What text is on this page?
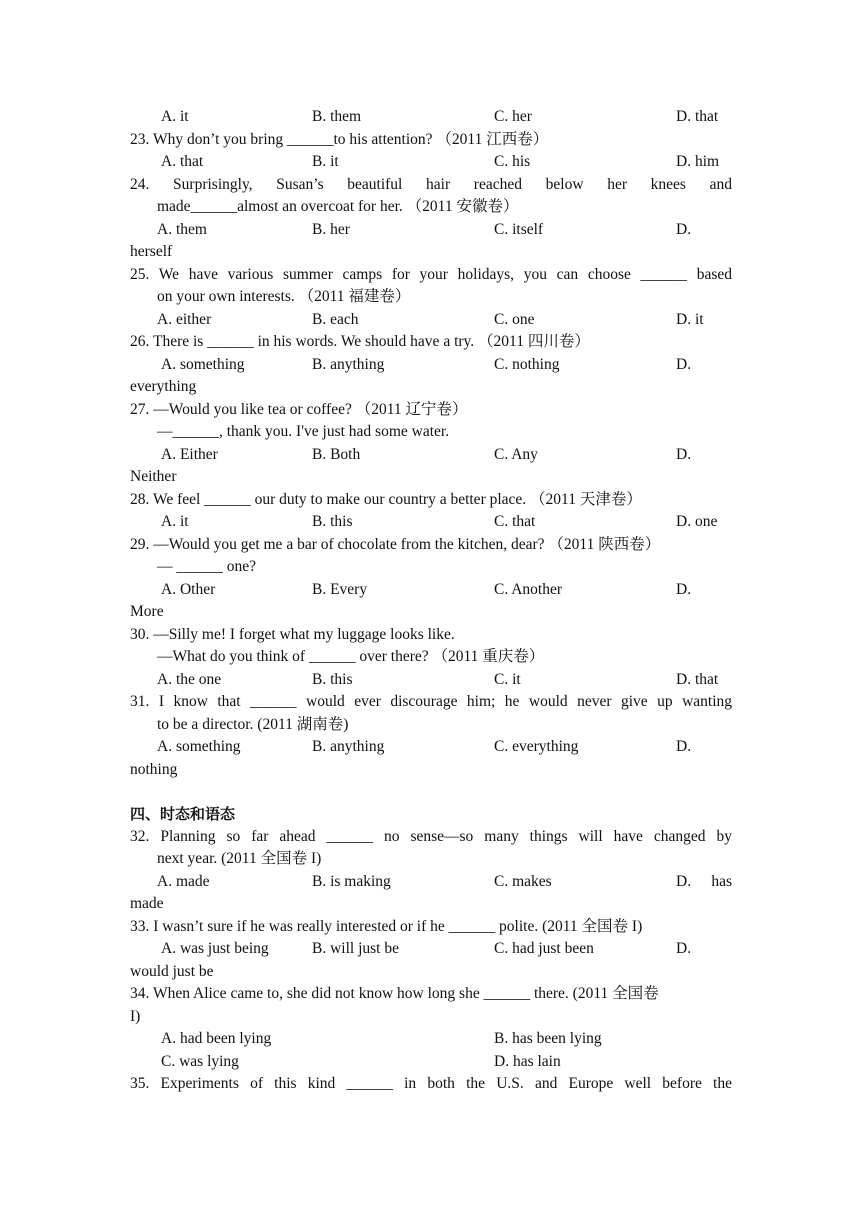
A. it	B. them	C. her	D. that
23. Why don’t you bring ______to his attention? （2011 江西卷）
A. that	B. it	C. his	D. him
24. Surprisingly, Susan’s beautiful hair reached below her knees and
made______almost an overcoat for her. （2011 安徽卷）
A. them	B. her	C. itself	D.
herself
25. We have various summer camps for your holidays, you can choose ______ based
on your own interests. （2011 福建卷）
A. either	B. each	C. one	D. it
26. There is ______ in his words. We should have a try. （2011 四川卷）
A. something	B. anything	C. nothing	D.
everything
27. —Would you like tea or coffee? （2011 辽宁卷）
—______, thank you. I've just had some water.
A. Either	B. Both	C. Any	D.
Neither
28. We feel ______ our duty to make our country a better place. （2011 天津卷）
A. it	B. this	C. that	D. one
29. —Would you get me a bar of chocolate from the kitchen, dear? （2011 陕西卷）
— ______ one?
A. Other	B. Every	C. Another	D.
More
30. —Silly me! I forget what my luggage looks like.
—What do you think of ______ over there? （2011 重庆卷）
A. the one	B. this	C. it	D. that
31. I know that ______ would ever discourage him; he would never give up wanting
to be a director. (2011 湖南卷)
A. something	B. anything	C. everything	D.
nothing
四、时态和语态
32. Planning so far ahead ______ no sense—so many things will have changed by
next year. (2011 全国卷 I)
A. made	B. is making	C. makes	D. has
made
33. I wasn’t sure if he was really interested or if he ______ polite. (2011 全国卷 I)
A. was just being	B. will just be	C. had just been	D.
would just be
34. When Alice came to, she did not know how long she ______ there. (2011 全国卷
I)
A. had been lying	B. has been lying
C. was lying	D. has lain
35. Experiments of this kind ______ in both the U.S. and Europe well before the
